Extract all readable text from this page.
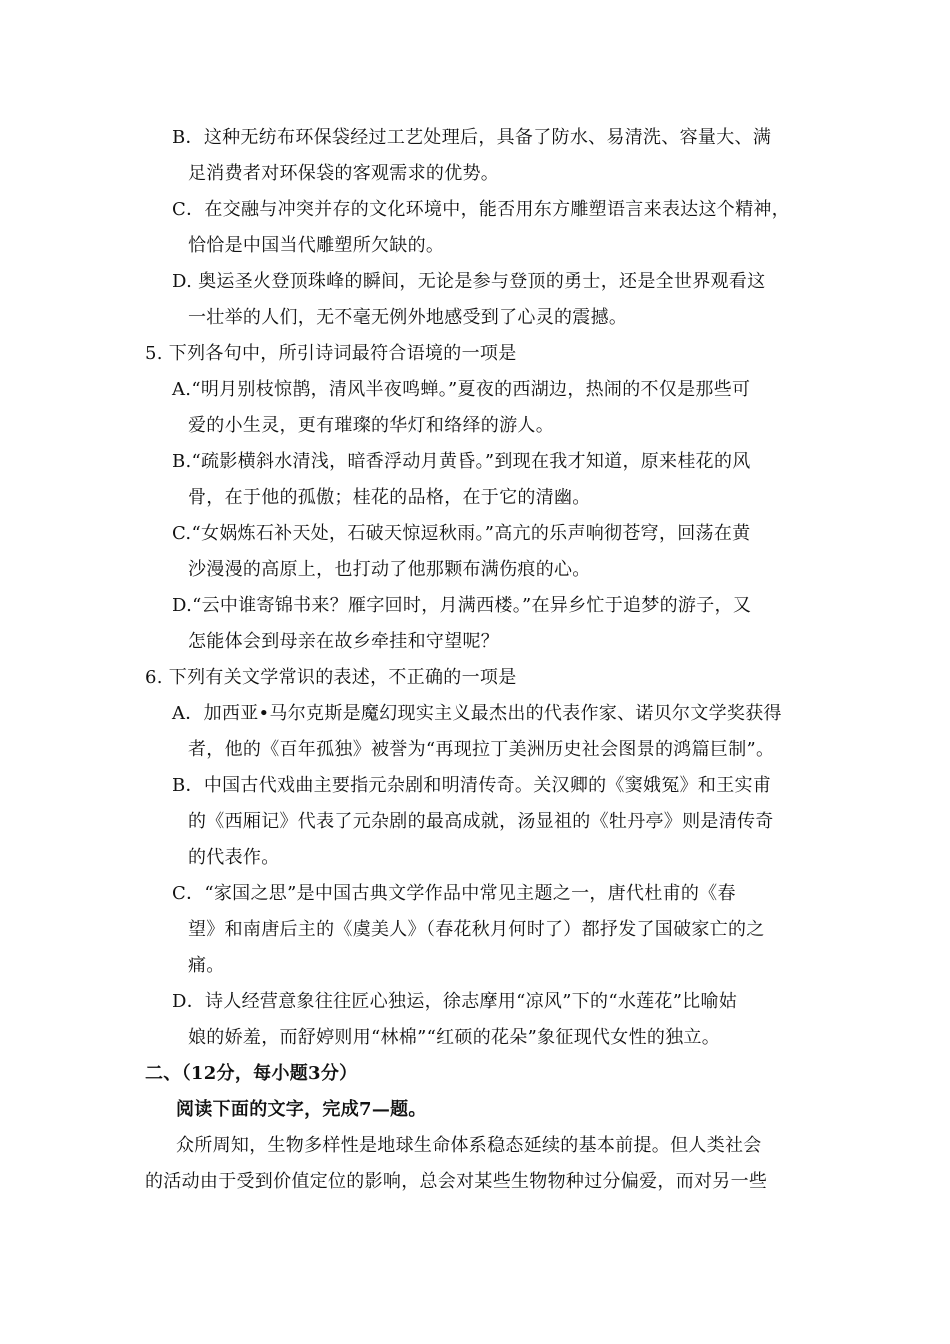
B．这种无纺布环保袋经过工艺处理后，具备了防水、易清洗、容量大、满
足消费者对环保袋的客观需求的优势。
C．在交融与冲突并存的文化环境中，能否用东方雕塑语言来表达这个精神，
恰恰是中国当代雕塑所欠缺的。
D. 奥运圣火登顶珠峰的瞬间，无论是参与登顶的勇士，还是全世界观看这
一壮举的人们，无不毫无例外地感受到了心灵的震撼。
5. 下列各句中，所引诗词最符合语境的一项是
A.“明月别枝惊鹊，清风半夜鸣蝉。”夏夜的西湖边，热闹的不仅是那些可
爱的小生灵，更有璀璨的华灯和络绎的游人。
B.“疏影横斜水清浅，暗香浮动月黄昏。”到现在我才知道，原来桂花的风
骨，在于他的孤傲；桂花的品格，在于它的清幽。
C.“女娲炼石补天处，石破天惊逗秋雨。”高亢的乐声响彻苍穹，回荡在黄
沙漫漫的高原上，也打动了他那颗布满伤痕的心。
D.“云中谁寄锦书来？雁字回时，月满西楼。”在异乡忙于追梦的游子，又
怎能体会到母亲在故乡牵挂和守望呢？
6. 下列有关文学常识的表述，不正确的一项是
A．加西亚•马尔克斯是魔幻现实主义最杰出的代表作家、诺贝尔文学奖获得
者，他的《百年孤独》被誉为“再现拉丁美洲历史社会图景的鸿篇巨制”。
B．中国古代戏曲主要指元杂剧和明清传奇。关汉卿的《窦娥冤》和王实甫
的《西厢记》代表了元杂剧的最高成就，汤显祖的《牡丹亭》则是清传奇
的代表作。
C．“家国之思”是中国古典文学作品中常见主题之一，唐代杜甫的《春
望》和南唐后主的《虞美人》（春花秋月何时了）都抒发了国破家亡的之
痛。
D．诗人经营意象往往匠心独运，徐志摩用“凉风”下的“水莲花”比喻姑
娘的娇羞，而舒婷则用“林棉”“红硕的花朵”象征现代女性的独立。
二、（12分，每小题3分）
阅读下面的文字，完成7—题。
众所周知，生物多样性是地球生命体系稳态延续的基本前提。但人类社会
的活动由于受到价值定位的影响，总会对某些生物物种过分偏爱，而对另一些
